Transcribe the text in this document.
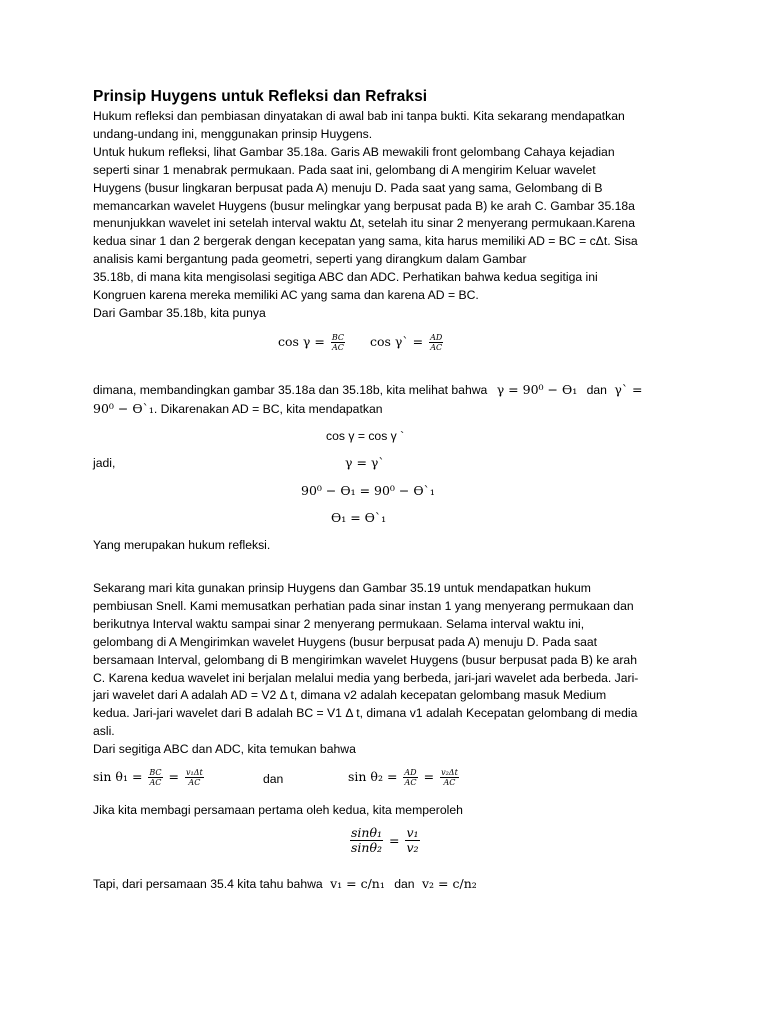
Prinsip Huygens untuk Refleksi dan Refraksi
Hukum refleksi dan pembiasan dinyatakan di awal bab ini tanpa bukti. Kita sekarang mendapatkan
undang-undang ini, menggunakan prinsip Huygens.
Untuk hukum refleksi, lihat Gambar 35.18a. Garis AB mewakili front gelombang Cahaya kejadian
seperti sinar 1 menabrak permukaan. Pada saat ini, gelombang di A mengirim Keluar wavelet
Huygens (busur lingkaran berpusat pada A) menuju D. Pada saat yang sama, Gelombang di B
memancarkan wavelet Huygens (busur melingkar yang berpusat pada B) ke arah C. Gambar 35.18a
menunjukkan wavelet ini setelah interval waktu Δt, setelah itu sinar 2 menyerang permukaan.Karena
kedua sinar 1 dan 2 bergerak dengan kecepatan yang sama, kita harus memiliki AD = BC = cΔt. Sisa
analisis kami bergantung pada geometri, seperti yang dirangkum dalam Gambar
35.18b, di mana kita mengisolasi segitiga ABC dan ADC. Perhatikan bahwa kedua segitiga ini
Kongruen karena mereka memiliki AC yang sama dan karena AD = BC.
Dari Gambar 35.18b, kita punya
$\cos \gamma = \frac{BC}{AC}$ cos γ` = $\frac{AD}{AC}$
dimana, membandingkan gambar 35.18a dan 35.18b, kita melihat bahwa γ = 90⁰ − ϴ₁ dan γ` =
90⁰ − ϴ`₁. Dikarenakan AD = BC, kita mendapatkan
cos γ = cos γ `
jadi,	γ = γ`
90⁰ − ϴ₁ = 90⁰ − ϴ`₁
ϴ₁ = ϴ`₁
Yang merupakan hukum refleksi.
Sekarang mari kita gunakan prinsip Huygens dan Gambar 35.19 untuk mendapatkan hukum
pembiusan Snell. Kami memusatkan perhatian pada sinar instan 1 yang menyerang permukaan dan
berikutnya Interval waktu sampai sinar 2 menyerang permukaan. Selama interval waktu ini,
gelombang di A Mengirimkan wavelet Huygens (busur berpusat pada A) menuju D. Pada saat
bersamaan Interval, gelombang di B mengirimkan wavelet Huygens (busur berpusat pada B) ke arah
C. Karena kedua wavelet ini berjalan melalui media yang berbeda, jari-jari wavelet ada berbeda. Jari-
jari wavelet dari A adalah AD = V2 Δ t, dimana v2 adalah kecepatan gelombang masuk Medium
kedua. Jari-jari wavelet dari B adalah BC = V1 Δ t, dimana v1 adalah Kecepatan gelombang di media
asli.
Dari segitiga ABC dan ADC, kita temukan bahwa
$\sin \theta_1 = \frac{BC}{AC} = \frac{\text{v₁Δt}}{AC}$	dan	$\sin \theta_2 = \frac{AD}{AC} = \frac{\text{v₂Δt}}{AC}$
Jika kita membagi persamaan pertama oleh kedua, kita memperoleh
$\frac{\text{sinθ₁}}{\text{sinθ₂}} = \frac{\text{v₁}}{\text{v₂}}$
Tapi, dari persamaan 35.4 kita tahu bahwa v₁ = c/n₁ dan v₂ = c/n₂
